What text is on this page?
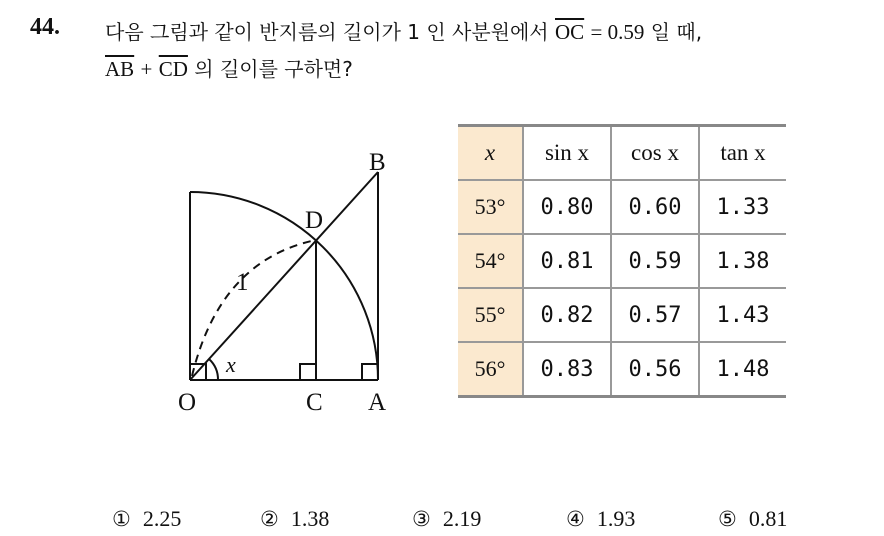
44. 다음 그림과 같이 반지름의 길이가 1 인 사분원에서 $\overline{OC} = 0.59$ 일 때,
$\overline{AB} + \overline{CD}$ 의 길이를 구하면?
O	C A
B
D
1
x
x	sin x	cos x	tan x
53°	0.80	0.60	1.33
54°	0.81	0.59	1.38
55°	0.82	0.57	1.43
56°	0.83	0.56	1.48
① 2.25	② 1.38	③ 2.19	④ 1.93	⑤ 0.81
